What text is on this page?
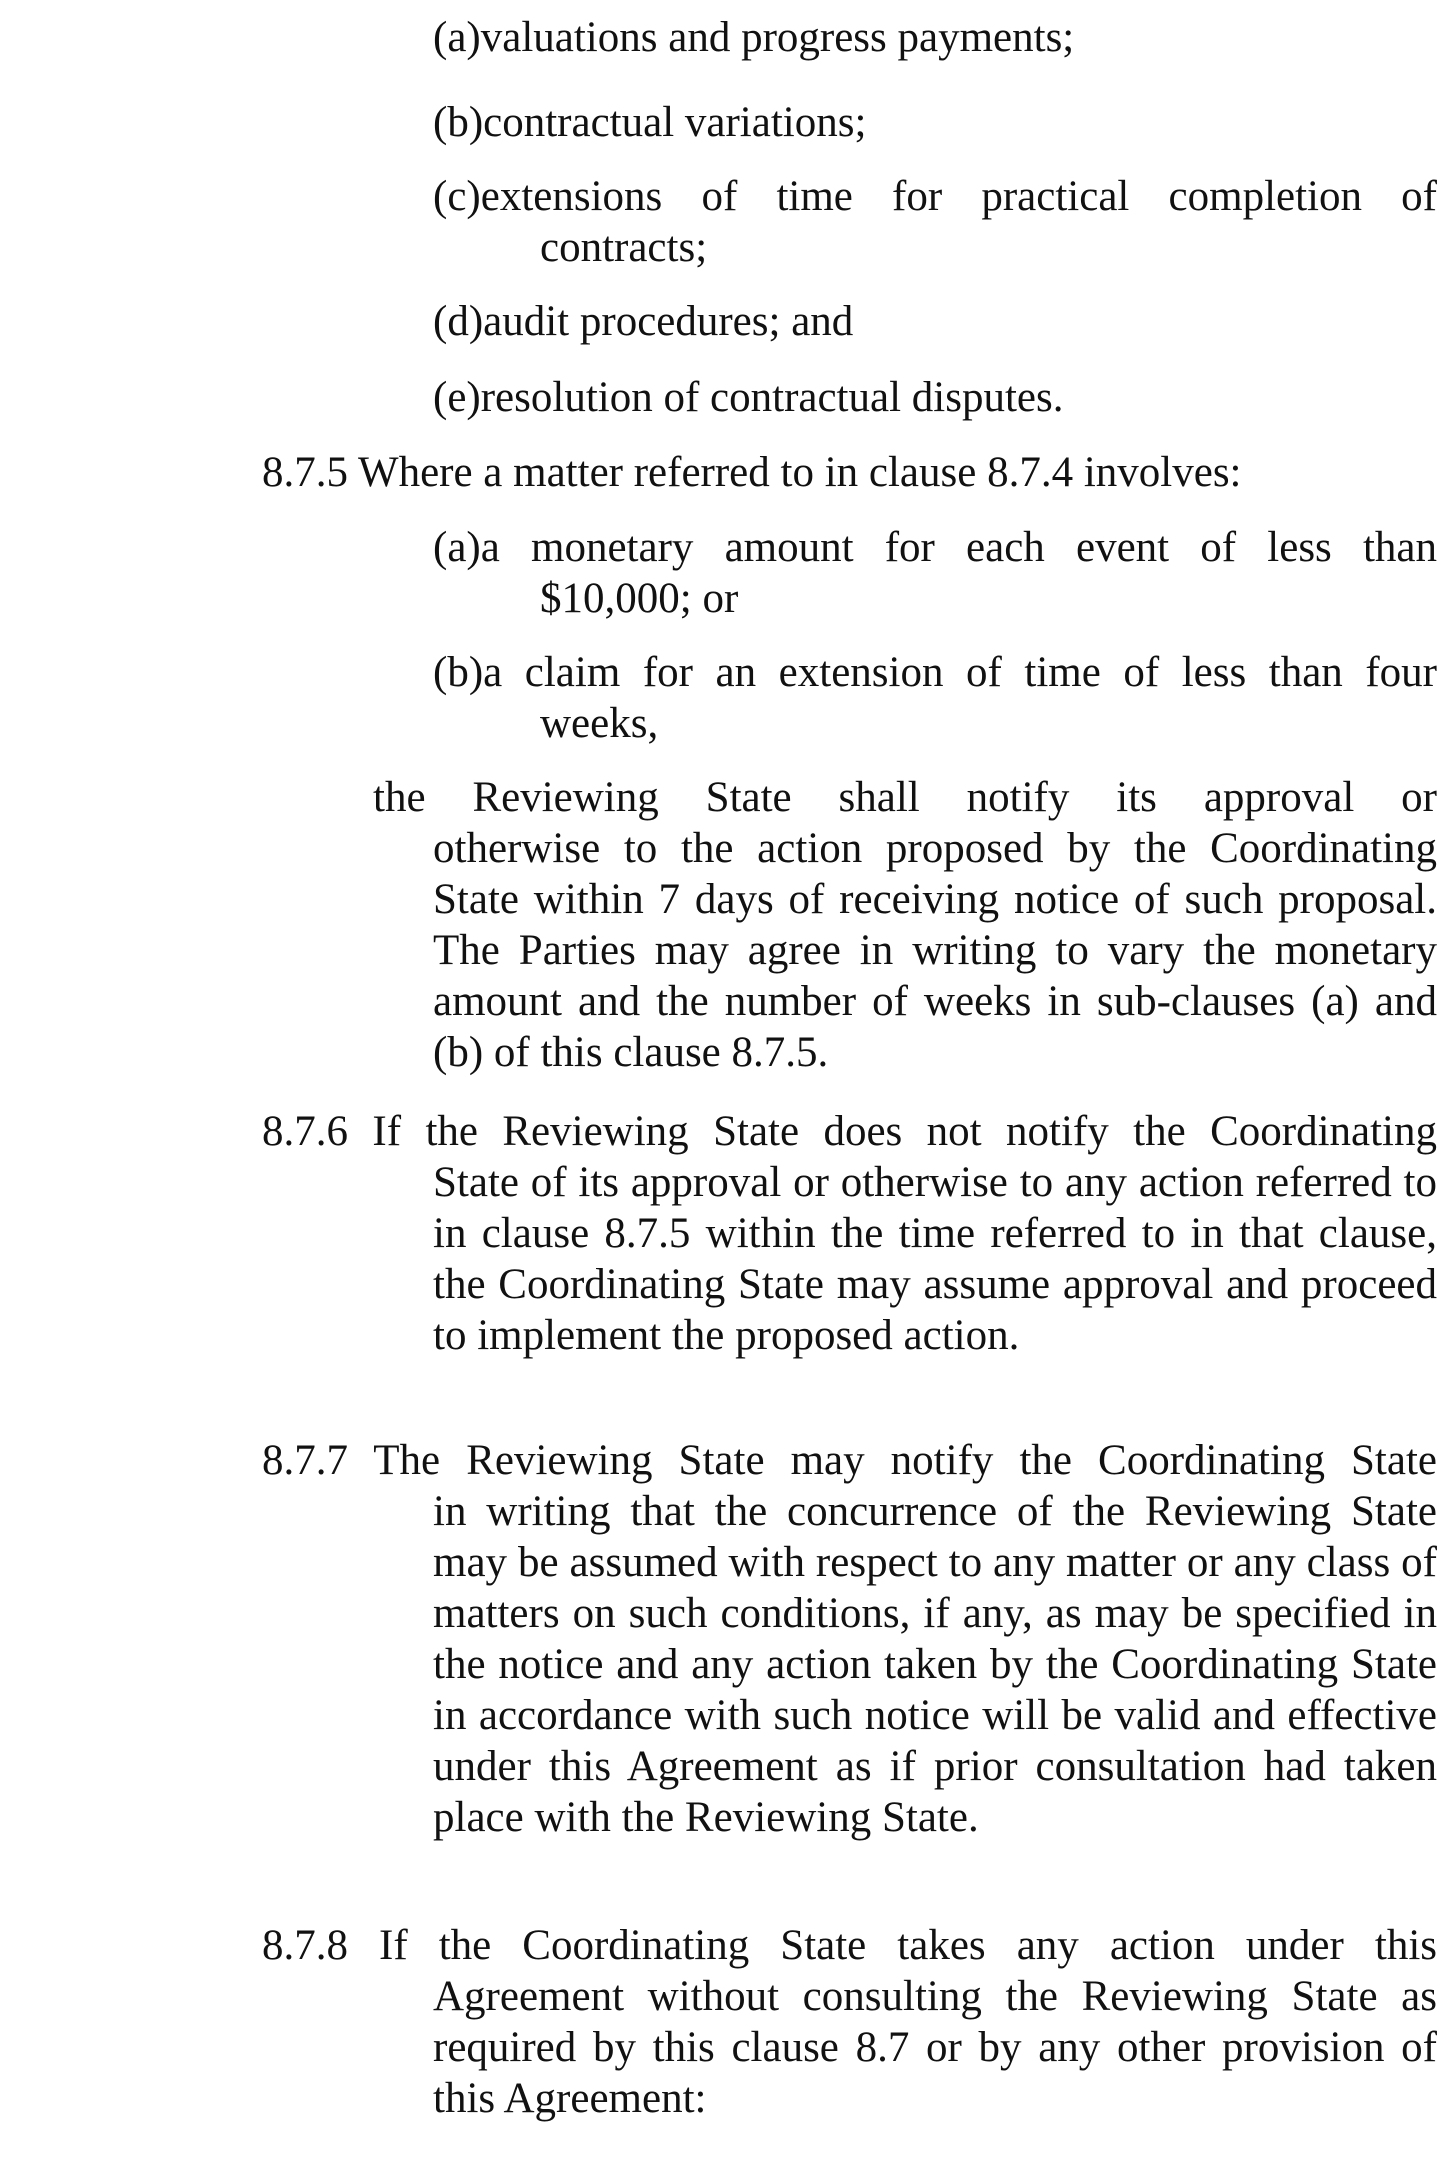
(a)valuations and progress payments;
(b)contractual variations;
(c)extensions of time for practical completion of
contracts;
(d)audit procedures; and
(e)resolution of contractual disputes.
8.7.5 Where a matter referred to in clause 8.7.4 involves:
(a)a monetary amount for each event of less than
$10,000; or
(b)a claim for an extension of time of less than four
weeks,
the Reviewing State shall notify its approval or
otherwise to the action proposed by the Coordinating State within 7 days of receiving notice of such proposal. The Parties may agree in writing to vary the monetary amount and the number of weeks in sub-clauses (a) and (b) of this clause 8.7.5.
8.7.6 If the Reviewing State does not notify the Coordinating
State of its approval or otherwise to any action referred to in clause 8.7.5 within the time referred to in that clause, the Coordinating State may assume approval and proceed to implement the proposed action.
8.7.7 The Reviewing State may notify the Coordinating State
in writing that the concurrence of the Reviewing State may be assumed with respect to any matter or any class of matters on such conditions, if any, as may be specified in the notice and any action taken by the Coordinating State in accordance with such notice will be valid and effective under this Agreement as if prior consultation had taken place with the Reviewing State.
8.7.8 If the Coordinating State takes any action under this
Agreement without consulting the Reviewing State as required by this clause 8.7 or by any other provision of this Agreement:
